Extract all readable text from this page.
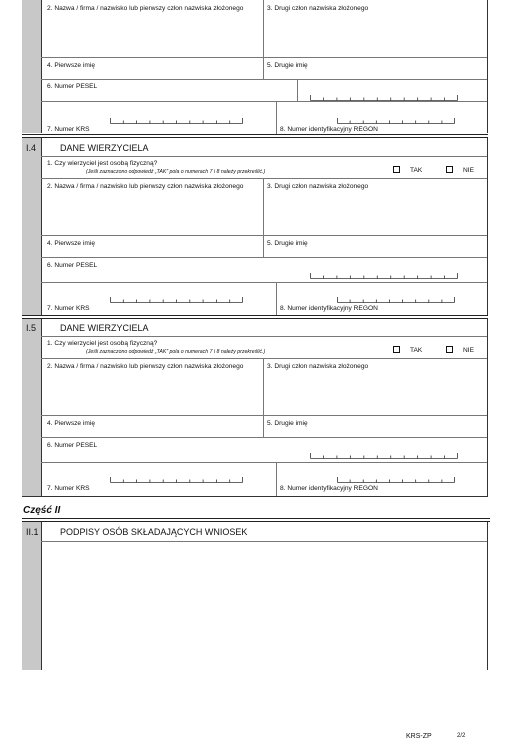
2. Nazwa / firma / nazwisko lub pierwszy człon nazwiska złożonego	3. Drugi człon nazwiska złożonego
4. Pierwsze imię	5. Drugie imię
6. Numer PESEL
7. Numer KRS	8. Numer identyfikacyjny REGON
I.4	DANE WIERZYCIELA
1. Czy wierzyciel jest osobą fizyczną?
(Jeśli zaznaczono odpowiedź „TAK” pola o numerach 7 i 8 należy przekreślić.)	TAK	NIE
2. Nazwa / firma / nazwisko lub pierwszy człon nazwiska złożonego	3. Drugi człon nazwiska złożonego
4. Pierwsze imię	5. Drugie imię
6. Numer PESEL
7. Numer KRS	8. Numer identyfikacyjny REGON
I.5	DANE WIERZYCIELA
1. Czy wierzyciel jest osobą fizyczną?
(Jeśli zaznaczono odpowiedź „TAK” pola o numerach 7 i 8 należy przekreślić.)	TAK	NIE
2. Nazwa / firma / nazwisko lub pierwszy człon nazwiska złożonego	3. Drugi człon nazwiska złożonego
4. Pierwsze imię	5. Drugie imię
6. Numer PESEL
7. Numer KRS	8. Numer identyfikacyjny REGON
Część II
II.1 PODPISY OSÓB SKŁADAJĄCYCH WNIOSEK
KRS-ZP	2/2
